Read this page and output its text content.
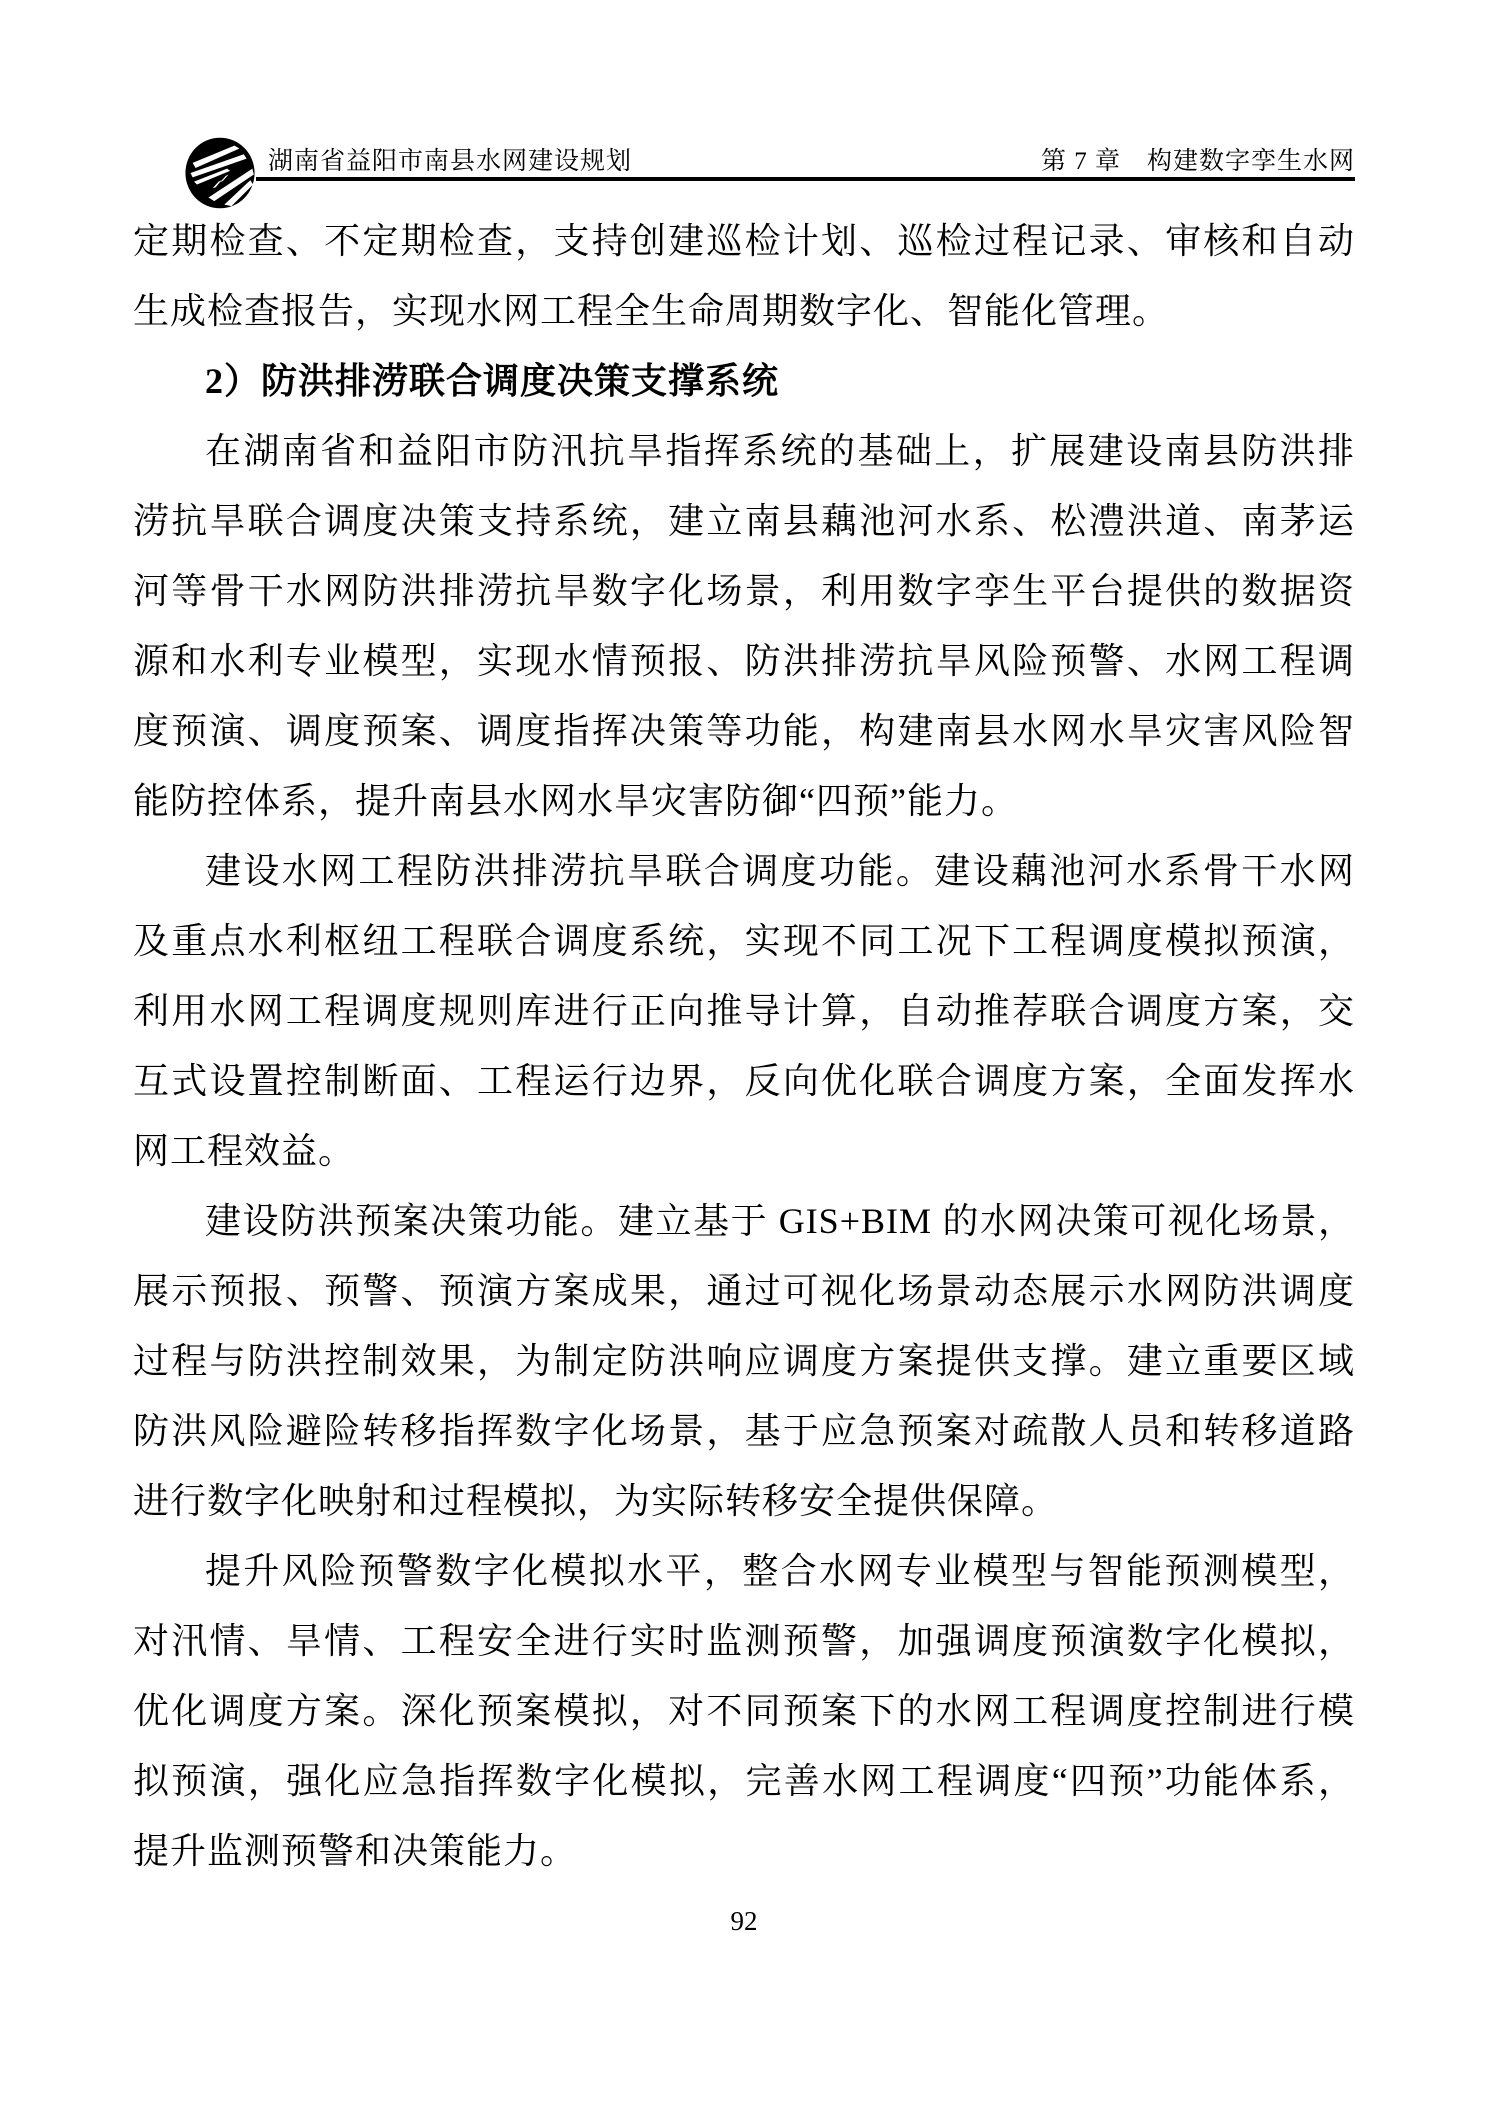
湖南省益阳市南县水网建设规划	第 7 章　构建数字孪生水网
定期检查、不定期检查，支持创建巡检计划、巡检过程记录、审核和自动
生成检查报告，实现水网工程全生命周期数字化、智能化管理。
2）防洪排涝联合调度决策支撑系统
在湖南省和益阳市防汛抗旱指挥系统的基础上，扩展建设南县防洪排
涝抗旱联合调度决策支持系统，建立南县藕池河水系、松澧洪道、南茅运
河等骨干水网防洪排涝抗旱数字化场景，利用数字孪生平台提供的数据资
源和水利专业模型，实现水情预报、防洪排涝抗旱风险预警、水网工程调
度预演、调度预案、调度指挥决策等功能，构建南县水网水旱灾害风险智
能防控体系，提升南县水网水旱灾害防御“四预”能力。
建设水网工程防洪排涝抗旱联合调度功能。建设藕池河水系骨干水网
及重点水利枢纽工程联合调度系统，实现不同工况下工程调度模拟预演，
利用水网工程调度规则库进行正向推导计算，自动推荐联合调度方案，交
互式设置控制断面、工程运行边界，反向优化联合调度方案，全面发挥水
网工程效益。
建设防洪预案决策功能。建立基于 GIS+BIM 的水网决策可视化场景，
展示预报、预警、预演方案成果，通过可视化场景动态展示水网防洪调度
过程与防洪控制效果，为制定防洪响应调度方案提供支撑。建立重要区域
防洪风险避险转移指挥数字化场景，基于应急预案对疏散人员和转移道路
进行数字化映射和过程模拟，为实际转移安全提供保障。
提升风险预警数字化模拟水平，整合水网专业模型与智能预测模型，
对汛情、旱情、工程安全进行实时监测预警，加强调度预演数字化模拟，
优化调度方案。深化预案模拟，对不同预案下的水网工程调度控制进行模
拟预演，强化应急指挥数字化模拟，完善水网工程调度“四预”功能体系，
提升监测预警和决策能力。
92
